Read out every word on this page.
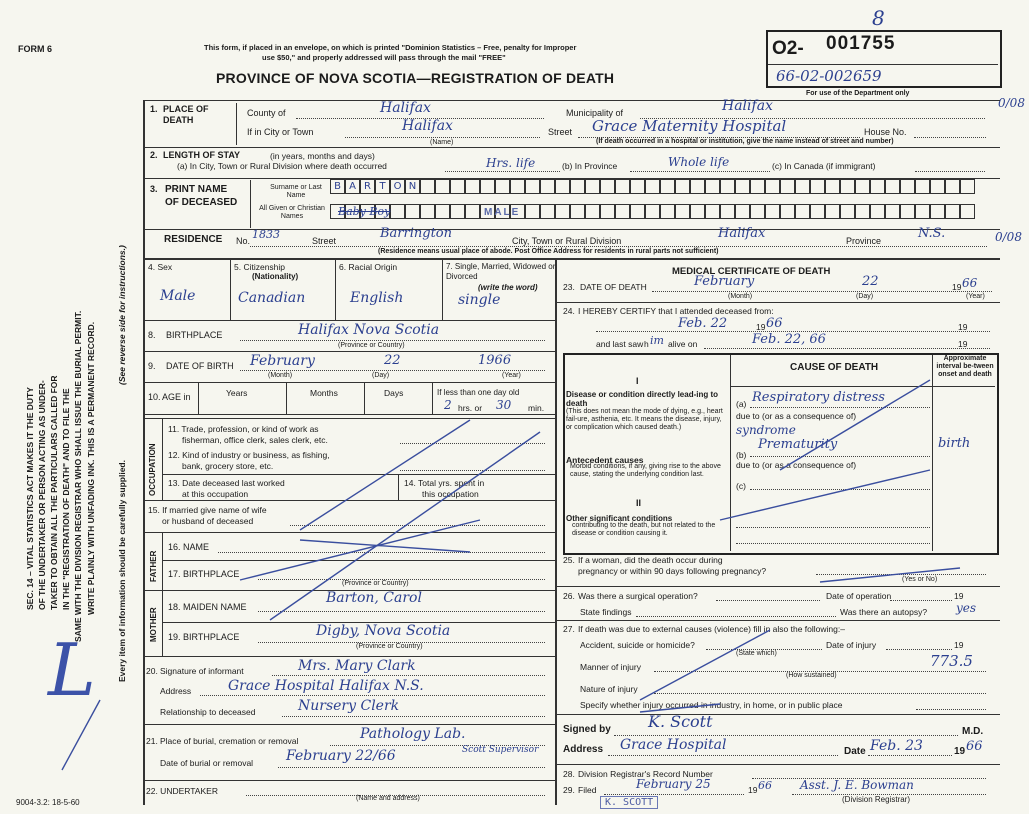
FORM 6	This form, if placed in an envelope, on which is printed "Dominion Statistics – Free, penalty for Improper
use $50," and properly addressed will pass through the mail "FREE"
PROVINCE OF NOVA SCOTIA—REGISTRATION OF DEATH
O2- 001755
8
66-02-002659
For use of the Department only
0/08
0/08
SEC. 14 – VITAL STATISTICS ACT MAKES IT THE DUTY OF THE UNDERTAKER OR PERSON ACTING AS UNDER- TAKER TO OBTAIN ALL THE PARTICULARS CALLED FOR IN THE "REGISTRATION OF DEATH" AND TO FILE THE SAME WITH THE DIVISION REGISTRAR WHO SHALL ISSUE THE BURIAL PERMIT. WRITE PLAINLY WITH UNFADING INK. THIS IS A PERMANENT RECORD. Every item of information should be carefully supplied.
(See reverse side for instructions.)
L
9004-3.2: 18-5-60
1. PLACE OF DEATH
County of	Halifax	Municipality of	Halifax
If in City or Town	Halifax
(Name)
Street Grace Maternity Hospital	House No.
(If death occurred in a hospital or institution, give the name instead of street and number)
2. LENGTH OF STAY	(in years, months and days)
(a) In City, Town or Rural Division where death occurred	Hrs. life	(b) In Province	Whole life	(c) In Canada (if immigrant)
3. PRINT NAME
OF DECEASED
Surname or Last Name
All Given or Christian Names
B A R T O N
Baby Boy	MALE
RESIDENCE No. 1833	Street	Barrington	City, Town or Rural Division	Halifax	Province	N.S.
(Residence means usual place of abode. Post Office Address for residents in rural parts not sufficient)
4. Sex
Male
5. Citizenship
(Nationality)
Canadian
6. Racial Origin
English
7. Single, Married, Widowed or Divorced
(write the word)
single
8. BIRTHPLACE	Halifax Nova Scotia
(Province or Country)
9. DATE OF BIRTH February	22	1966
(Month)	(Day)	(Year)
10. AGE in	Years	Months	Days	If less than one day old
2 hrs. or 30 min.
OCCUPATION
11. Trade, profession, or kind of work as
fisherman, office clerk, sales clerk, etc.
12. Kind of industry or business, as fishing,
bank, grocery store, etc.
13. Date deceased last worked
at this occupation
14. Total yrs. spent in
this occupation
15. If married give name of wife
or husband of deceased
FATHER
16. NAME
17. BIRTHPLACE
(Province or Country)
MOTHER
18. MAIDEN NAME
Barton, Carol
19. BIRTHPLACE	Digby, Nova Scotia
(Province or Country)
20. Signature of informant	Mrs. Mary Clark
Address	Grace Hospital Halifax N.S.
Relationship to deceased	Nursery Clerk
21. Place of burial, cremation or removal	Pathology Lab.
Date of burial or removal February 22/66	Scott Supervisor
22. UNDERTAKER
(Name and address)
MEDICAL CERTIFICATE OF DEATH
23. DATE OF DEATH	February	22	19 66
(Month)	(Day)	(Year)
24. I HEREBY CERTIFY that I attended deceased from:
Feb. 22	19 66	19
and last saw h im alive on	Feb. 22, 66	19
CAUSE OF DEATH
Approximate interval be-tween onset and death
I
Disease or condition directly lead-ing to death
(This does not mean the mode of dying, e.g., heart fail-ure, asthenia, etc. It means the disease, injury, or complication which caused death.)
(a) Respiratory distress
due to (or as a consequence of)
syndrome
Antecedent causes
Morbid conditions, if any, giving rise to the above cause, stating the underlying condition last.
(b)
Prematurity
due to (or as a consequence of)
birth
(c)
II
Other significant conditions
contributing to the death, but not related to the disease or condition causing it.
25. If a woman, did the death occur during
pregnancy or within 90 days following pregnancy?
(Yes or No)
26. Was there a surgical operation?	Date of operation	19
State findings	Was there an autopsy? yes
27. If death was due to external causes (violence) fill in also the following:–
Accident, suicide or homicide?
(State which)
Date of injury	19
Manner of injury	773.5
(How sustained)
Nature of injury
Specify whether injury occurred in industry, in home, or in public place
Signed by K. Scott
M.D.
Address Grace Hospital	Date Feb. 23	19 66
28. Division Registrar's Record Number
29. Filed	February 25	19 66 Asst. J. E. Bowman
(Division Registrar)
K. SCOTT
